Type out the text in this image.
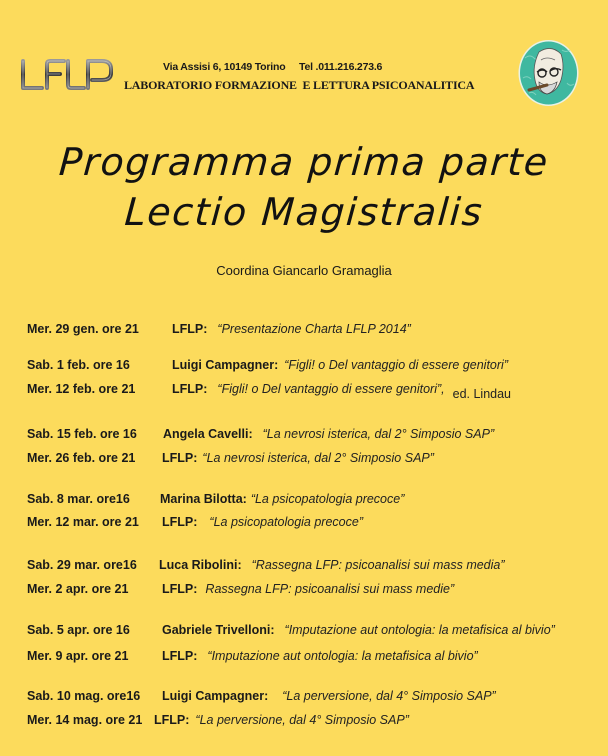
Via Assisi 6, 10149 Torino     Tel .011.216.273.6
LABORATORIO FORMAZIONE  E LETTURA PSICOANALITICA
Programma prima parte
Lectio Magistralis
Coordina Giancarlo Gramaglia
Mer. 29 gen. ore 21	LFLP: “Presentazione Charta LFLP 2014”
Sab. 1 feb. ore 16	Luigi Campagner: “Figli! o Del vantaggio di essere genitori”
Mer. 12 feb. ore 21	LFLP: “Figli! o Del vantaggio di essere genitori”, ed. Lindau
Sab. 15 feb. ore 16 Angela Cavelli: “La nevrosi isterica, dal 2° Simposio SAP”
Mer. 26 feb. ore 21 LFLP: “La nevrosi isterica, dal 2° Simposio SAP”
Sab. 8 mar. ore16 Marina Bilotta: “La psicopatologia precoce”
Mer. 12 mar. ore 21 LFLP: “La psicopatologia precoce”
Sab. 29 mar. ore16 Luca Ribolini: “Rassegna LFP: psicoanalisi sui mass media”
Mer. 2 apr. ore 21	LFLP: Rassegna LFP: psicoanalisi sui mass medie”
Sab. 5 apr. ore 16	Gabriele Trivelloni: “Imputazione aut ontologia: la metafisica al bivio”
Mer. 9 apr. ore 21	LFLP: “Imputazione aut ontologia: la metafisica al bivio”
Sab. 10 mag. ore16 Luigi Campagner: “La perversione, dal 4° Simposio SAP”
Mer. 14 mag. ore 21 LFLP: “La perversione, dal 4° Simposio SAP”
